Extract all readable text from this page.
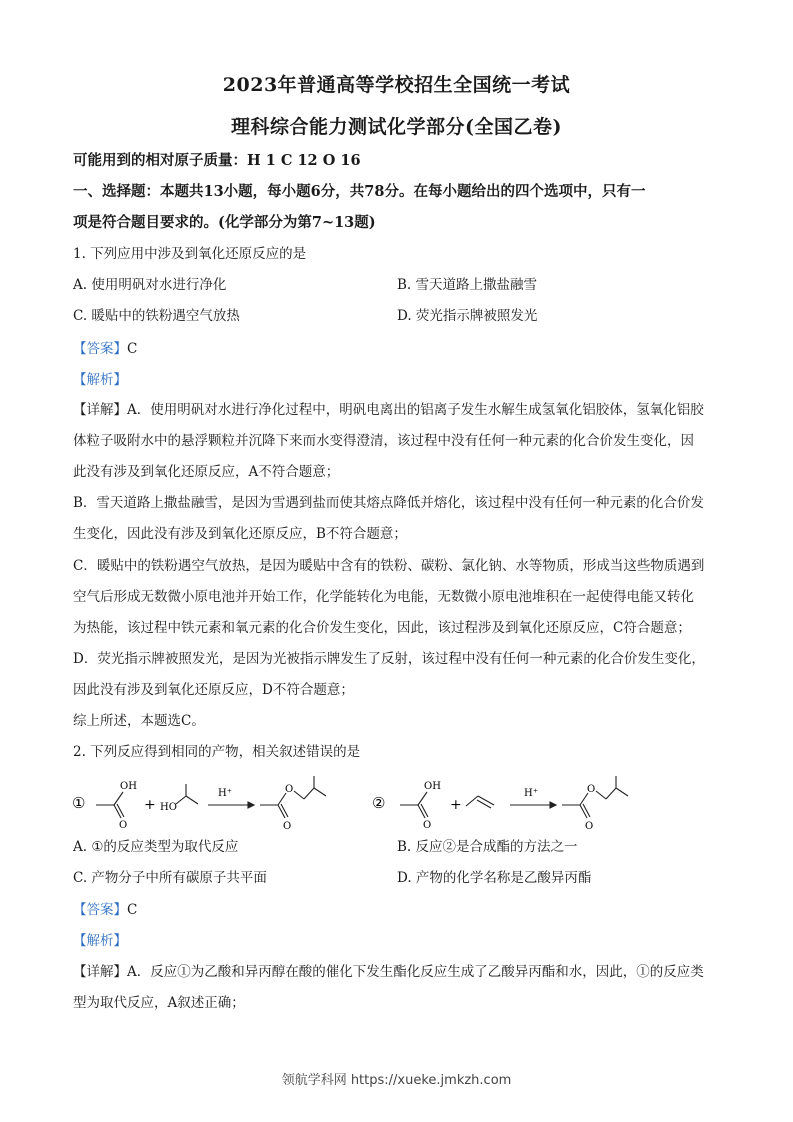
2023年普通高等学校招生全国统一考试
理科综合能力测试化学部分(全国乙卷)
可能用到的相对原子质量：H 1 C 12 O 16
一、选择题：本题共13小题，每小题6分，共78分。在每小题给出的四个选项中，只有一
项是符合题目要求的。(化学部分为第7~13题)
1. 下列应用中涉及到氧化还原反应的是
A. 使用明矾对水进行净化	B. 雪天道路上撒盐融雪
C. 暖贴中的铁粉遇空气放热	D. 荧光指示牌被照发光
【答案】C
【解析】
【详解】A．使用明矾对水进行净化过程中，明矾电离出的铝离子发生水解生成氢氧化铝胶体，氢氧化铝胶
体粒子吸附水中的悬浮颗粒并沉降下来而水变得澄清，该过程中没有任何一种元素的化合价发生变化，因
此没有涉及到氧化还原反应，A不符合题意；
B．雪天道路上撒盐融雪，是因为雪遇到盐而使其熔点降低并熔化，该过程中没有任何一种元素的化合价发
生变化，因此没有涉及到氧化还原反应，B不符合题意；
C．暖贴中的铁粉遇空气放热，是因为暖贴中含有的铁粉、碳粉、氯化钠、水等物质，形成当这些物质遇到
空气后形成无数微小原电池并开始工作，化学能转化为电能，无数微小原电池堆积在一起使得电能又转化
为热能，该过程中铁元素和氧元素的化合价发生变化，因此，该过程涉及到氧化还原反应，C符合题意；
D．荧光指示牌被照发光，是因为光被指示牌发生了反射，该过程中没有任何一种元素的化合价发生变化，
因此没有涉及到氧化还原反应，D不符合题意；
综上所述，本题选C。
2. 下列反应得到相同的产物，相关叙述错误的是
①
OH
O
+ HO
H⁺	O
O
②
OH
O
+
H⁺	O
O
A. ①的反应类型为取代反应	B. 反应②是合成酯的方法之一
C. 产物分子中所有碳原子共平面	D. 产物的化学名称是乙酸异丙酯
【答案】C
【解析】
【详解】A．反应①为乙酸和异丙醇在酸的催化下发生酯化反应生成了乙酸异丙酯和水，因此，①的反应类
型为取代反应，A叙述正确；
领航学科网 https://xueke.jmkzh.com
